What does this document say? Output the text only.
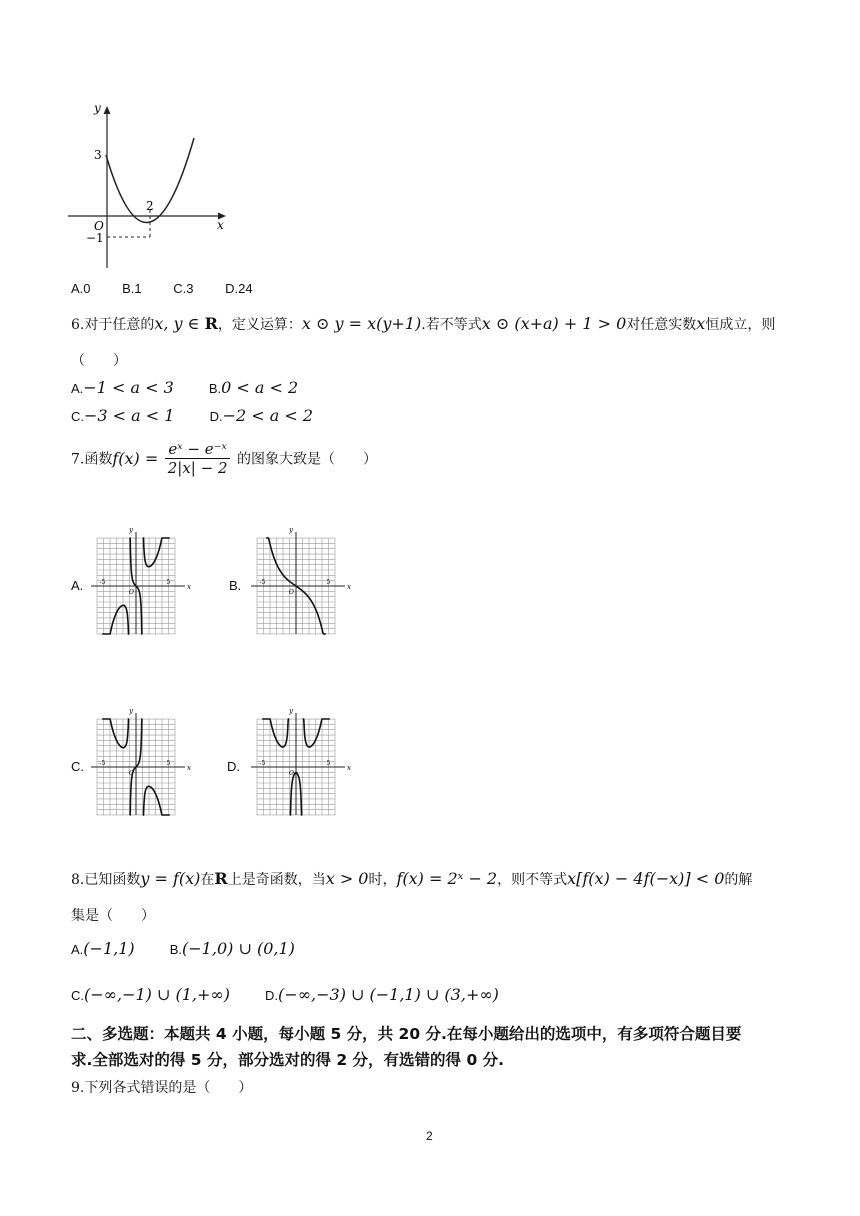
y
x
O
3
2
−1
A.0 B.1 C.3 D.24
6.对于任意的x, y ∈ R，定义运算：x ⊙ y = x(y+1).若不等式x ⊙ (x+a) + 1 > 0对任意实数x恒成立，则
（　　）
A.−1 < a < 3	B.0 < a < 2
C.−3 < a < 1	D.−2 < a < 2
7.函数$f(x) = \frac{\text{eˣ − e⁻ˣ}}{2|x| - 2}$ 的图象大致是（　　）
A.	B.
C.	D.
x
y
-5	5
O
x
y
-5	5
O
x
y
-5	5
O
x
y
-5	5
O
8.已知函数y = f(x)在R上是奇函数，当x > 0时，f(x) = 2ˣ − 2，则不等式x[f(x) − 4f(−x)] < 0的解
集是（　　）
A.(−1,1)	B.(−1,0) ∪ (0,1)
C.(−∞,−1) ∪ (1,+∞)	D.(−∞,−3) ∪ (−1,1) ∪ (3,+∞)
二、多选题：本题共 4 小题，每小题 5 分，共 20 分.在每小题给出的选项中，有多项符合题目要
求.全部选对的得 5 分，部分选对的得 2 分，有选错的得 0 分.
9.下列各式错误的是（　　）
2
